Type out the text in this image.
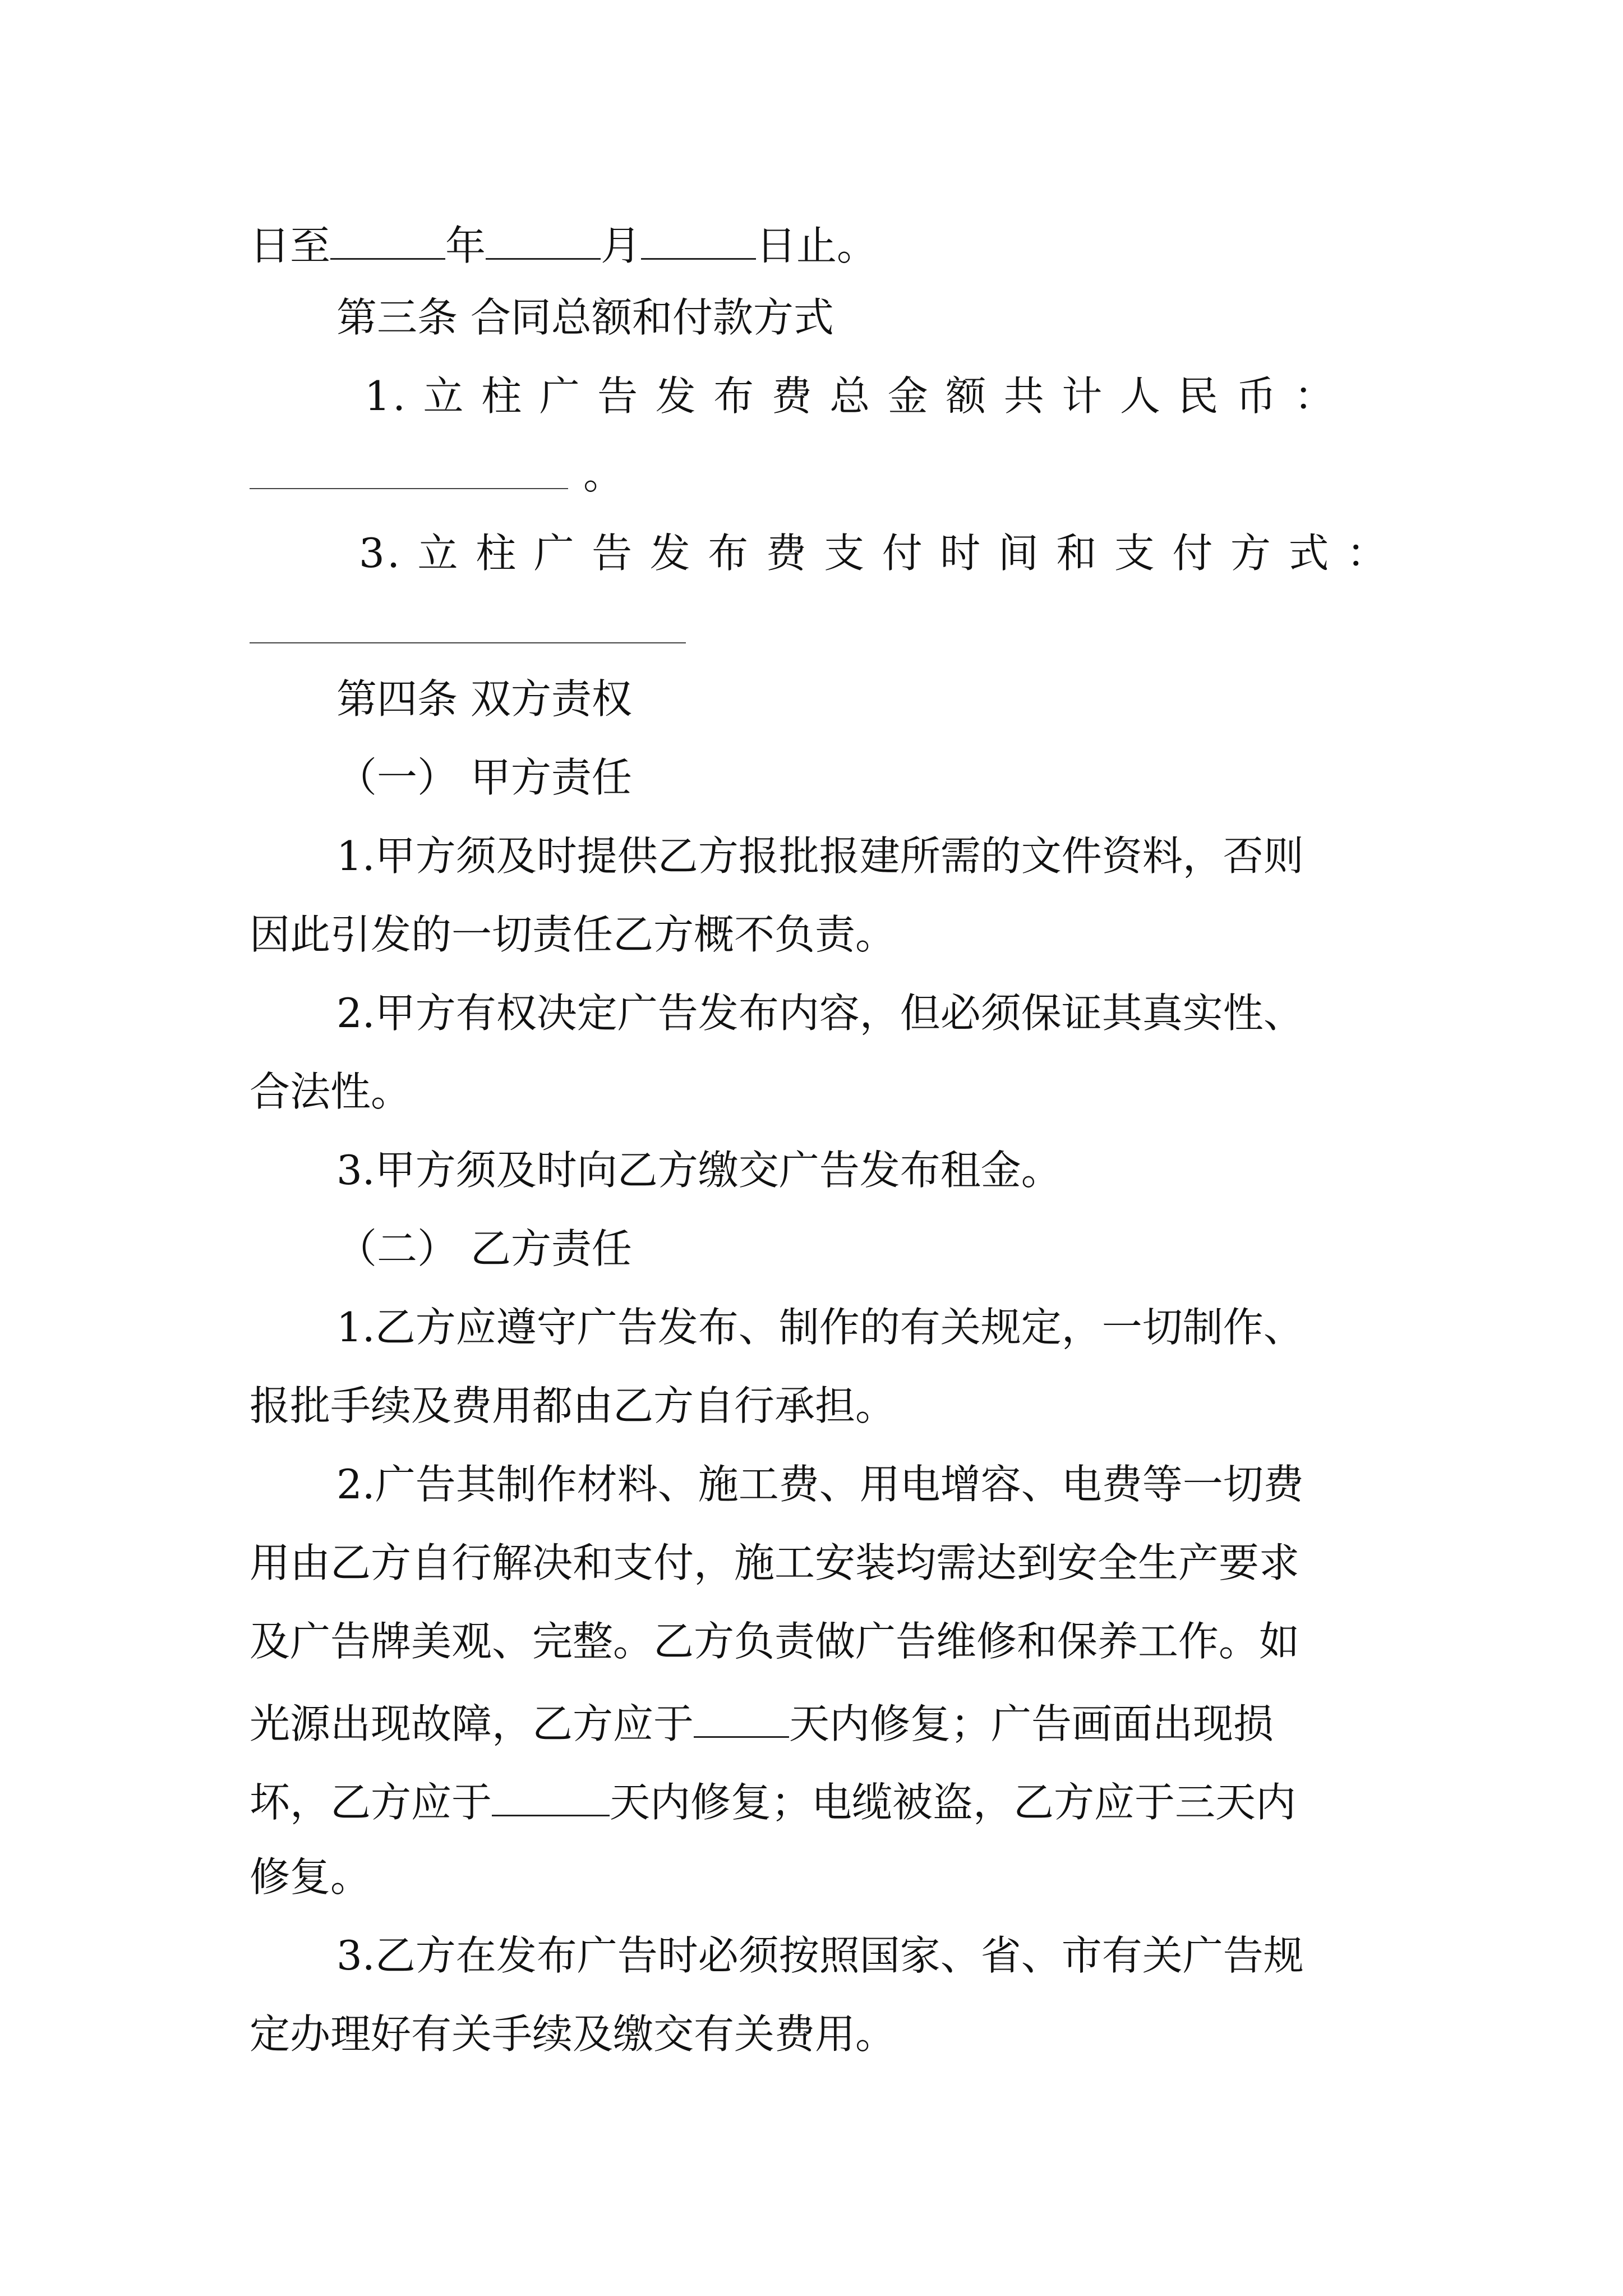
日至	年	月	日止。
第三条 合同总额和付款方式
1. 立 柱 广 告 发 布 费 总 金 额 共 计 人 民 币 ：
。
3. 立 柱 广 告 发 布 费 支 付 时 间 和 支 付 方 式 ：
第四条 双方责权
（一） 甲方责任
1.甲方须及时提供乙方报批报建所需的文件资料，否则
因此引发的一切责任乙方概不负责。
2.甲方有权决定广告发布内容，但必须保证其真实性、
合法性。
3.甲方须及时向乙方缴交广告发布租金。
（二） 乙方责任
1.乙方应遵守广告发布、制作的有关规定，一切制作、
报批手续及费用都由乙方自行承担。
2.广告其制作材料、施工费、用电增容、电费等一切费
用由乙方自行解决和支付，施工安装均需达到安全生产要求
及广告牌美观、完整。乙方负责做广告维修和保养工作。如
光源出现故障，乙方应于 天内修复；广告画面出现损
坏，乙方应于	天内修复；电缆被盗，乙方应于三天内
修复。
3.乙方在发布广告时必须按照国家、省、市有关广告规
定办理好有关手续及缴交有关费用。
